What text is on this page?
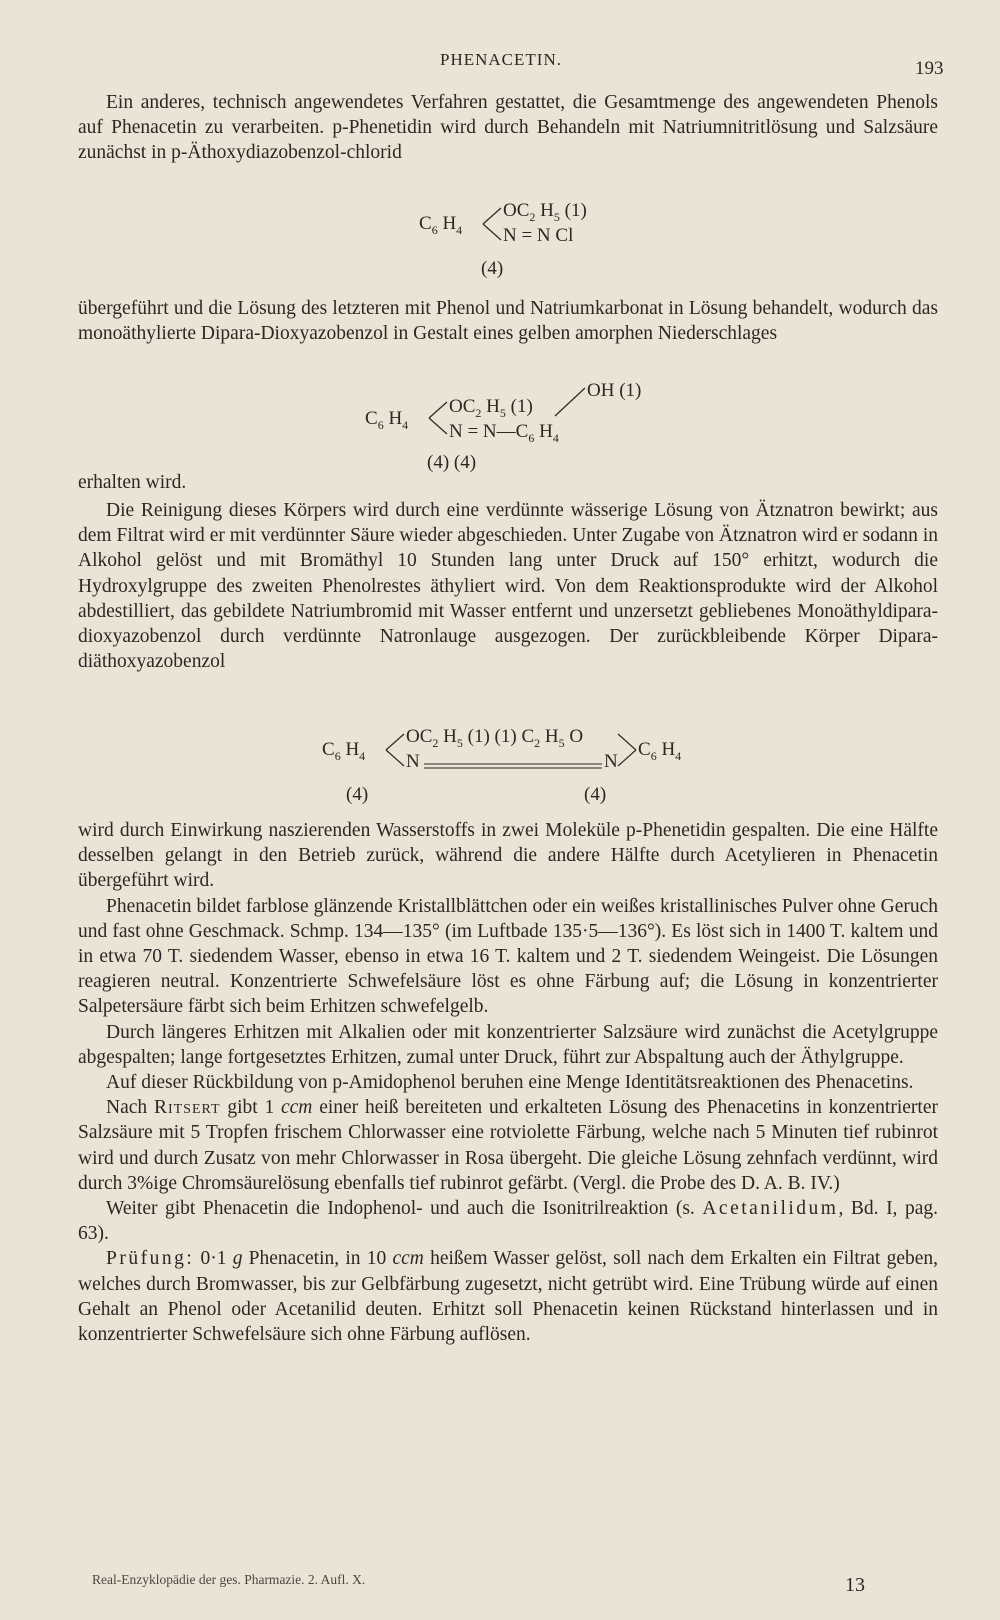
PHENACETIN.	193

Ein anderes, technisch angewendetes Verfahren gestattet, die Gesamtmenge des angewendeten Phenols auf Phenacetin zu verarbeiten. p-Phenetidin wird durch Behandeln mit Natriumnitritlösung und Salzsäure zunächst in p-Äthoxydiazobenzol-chlorid

$C_6$ $H_4$
$OC_2$ $H_5$ (1)
N = N Cl
(4)

übergeführt und die Lösung des letzteren mit Phenol und Natriumkarbonat in Lösung behandelt, wodurch das monoäthylierte Dipara-Dioxyazobenzol in Gestalt eines gelben amorphen Niederschlages

$C_6$ $H_4$
$OC_2$ $H_5$ (1)
OH (1)
$N = N—C_6$ $H_4$
(4) (4)

erhalten wird.

Die Reinigung dieses Körpers wird durch eine verdünnte wässerige Lösung von Ätznatron bewirkt; aus dem Filtrat wird er mit verdünnter Säure wieder abgeschieden. Unter Zugabe von Ätznatron wird er sodann in Alkohol gelöst und mit Bromäthyl 10 Stunden lang unter Druck auf 150° erhitzt, wodurch die Hydroxylgruppe des zweiten Phenolrestes äthyliert wird. Von dem Reaktionsprodukte wird der Alkohol abdestilliert, das gebildete Natriumbromid mit Wasser entfernt und unzersetzt gebliebenes Monoäthyldipara-dioxyazobenzol durch verdünnte Natronlauge ausgezogen. Der zurückbleibende Körper Dipara-diäthoxyazobenzol

$C_6$ $H_4$
$OC_2$ $H_5$ (1) (1) $C_2$ $H_5$ O
N	N
$C_6$ $H_4$
(4)	(4)

wird durch Einwirkung naszierenden Wasserstoffs in zwei Moleküle p-Phenetidin gespalten. Die eine Hälfte desselben gelangt in den Betrieb zurück, während die andere Hälfte durch Acetylieren in Phenacetin übergeführt wird.

Phenacetin bildet farblose glänzende Kristallblättchen oder ein weißes kristallinisches Pulver ohne Geruch und fast ohne Geschmack. Schmp. 134—135° (im Luftbade 135·5—136°). Es löst sich in 1400 T. kaltem und in etwa 70 T. siedendem Wasser, ebenso in etwa 16 T. kaltem und 2 T. siedendem Weingeist. Die Lösungen reagieren neutral. Konzentrierte Schwefelsäure löst es ohne Färbung auf; die Lösung in konzentrierter Salpetersäure färbt sich beim Erhitzen schwefelgelb.

Durch längeres Erhitzen mit Alkalien oder mit konzentrierter Salzsäure wird zunächst die Acetylgruppe abgespalten; lange fortgesetztes Erhitzen, zumal unter Druck, führt zur Abspaltung auch der Äthylgruppe.

Auf dieser Rückbildung von p-Amidophenol beruhen eine Menge Identitätsreaktionen des Phenacetins.

Nach Ritsert gibt 1 ccm einer heiß bereiteten und erkalteten Lösung des Phenacetins in konzentrierter Salzsäure mit 5 Tropfen frischem Chlorwasser eine rotviolette Färbung, welche nach 5 Minuten tief rubinrot wird und durch Zusatz von mehr Chlorwasser in Rosa übergeht. Die gleiche Lösung zehnfach verdünnt, wird durch 3%ige Chromsäurelösung ebenfalls tief rubinrot gefärbt. (Vergl. die Probe des D. A. B. IV.)

Weiter gibt Phenacetin die Indophenol- und auch die Isonitrilreaktion (s. Acetanilidum, Bd. I, pag. 63).

Prüfung: 0·1 g Phenacetin, in 10 ccm heißem Wasser gelöst, soll nach dem Erkalten ein Filtrat geben, welches durch Bromwasser, bis zur Gelbfärbung zugesetzt, nicht getrübt wird. Eine Trübung würde auf einen Gehalt an Phenol oder Acetanilid deuten. Erhitzt soll Phenacetin keinen Rückstand hinterlassen und in konzentrierter Schwefelsäure sich ohne Färbung auflösen.

Real-Enzyklopädie der ges. Pharmazie. 2. Aufl. X.	13
